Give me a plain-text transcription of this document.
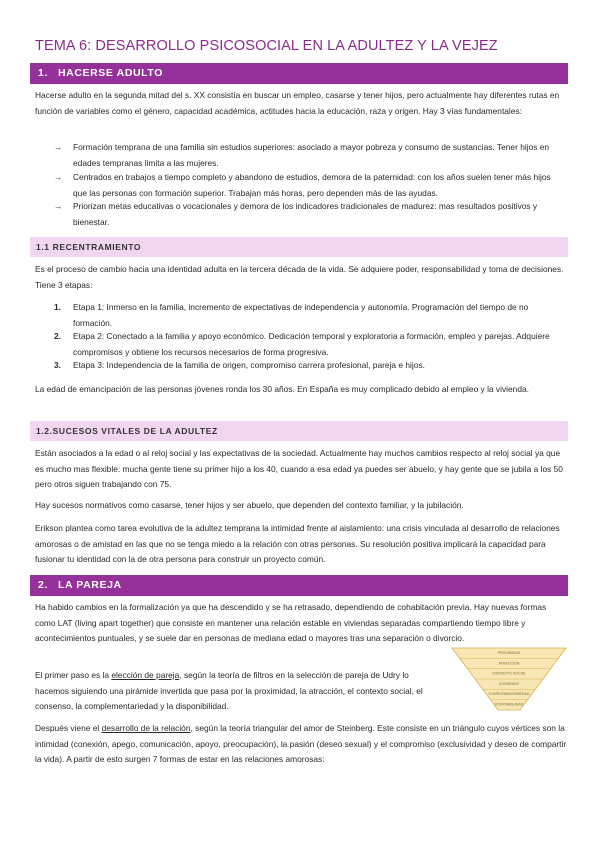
TEMA 6: DESARROLLO PSICOSOCIAL EN LA ADULTEZ Y LA VEJEZ
1. HACERSE ADULTO

Hacerse adulto en la segunda mitad del s. XX consistía en buscar un empleo, casarse y tener hijos, pero actualmente hay diferentes rutas en función de variables como el género, capacidad académica, actitudes hacia la educación, raza y origen. Hay 3 vías fundamentales:

→	Formación temprana de una familia sin estudios superiores: asociado a mayor pobreza y consumo de sustancias. Tener hijos en edades tempranas limita a las mujeres.
→	Centrados en trabajos a tiempo completo y abandono de estudios, demora de la paternidad: con los años suelen tener más hijos que las personas con formación superior. Trabajan más horas, pero dependen más de las ayudas.
→	Priorizan metas educativas o vocacionales y demora de los indicadores tradicionales de madurez: mas resultados positivos y bienestar.
1.1 RECENTRAMIENTO

Es el proceso de cambio hacia una identidad adulta en la tercera década de la vida. Se adquiere poder, responsabilidad y toma de decisiones. Tiene 3 etapas:

1.	Etapa 1: Inmerso en la familia, incremento de expectativas de independencia y autonomía. Programación del tiempo de no formación.
2.	Etapa 2: Conectado a la familia y apoyo económico. Dedicación temporal y exploratoria a formación, empleo y parejas. Adquiere compromisos y obtiene los recursos necesarios de forma progresiva.
3.	Etapa 3: Independencia de la familia de origen, compromiso carrera profesional, pareja e hijos.

La edad de emancipación de las personas jóvenes ronda los 30 años. En España es muy complicado debido al empleo y la vivienda.

1.2.SUCESOS VITALES DE LA ADULTEZ

Están asociados a la edad o al reloj social y las expectativas de la sociedad. Actualmente hay muchos cambios respecto al reloj social ya que es mucho mas flexible: mucha gente tiene su primer hijo a los 40, cuando a esa edad ya puedes ser abuelo, y hay gente que se jubila a los 50 pero otros siguen trabajando con 75.

Hay sucesos normativos como casarse, tener hijos y ser abuelo, que dependen del contexto familiar, y la jubilación.

Erikson plantea como tarea evolutiva de la adultez temprana la intimidad frente al aislamiento: una crisis vinculada al desarrollo de relaciones amorosas o de amistad en las que no se tenga miedo a la relación con otras personas. Su resolución positiva implicará la capacidad para fusionar tu identidad con la de otra persona para construir un proyecto común.

2. LA PAREJA

Ha habido cambios en la formalización ya que ha descendido y se ha retrasado, dependiendo de cohabitación previa. Hay nuevas formas como LAT (living apart together) que consiste en mantener una relación estable en viviendas separadas compartiendo tiempo libre y acontecimientos puntuales, y se suele dar en personas de mediana edad o mayores tras una separación o divorcio.

El primer paso es la elección de pareja, según la teoría de filtros en la selección de pareja de Udry lo hacemos siguiendo una pirámide invertida que pasa por la proximidad, la atracción, el contexto social, el consenso, la complementariedad y la disponibilidad.

PROXIMIDAD
ATRACCIÓN
CONTEXTO SOCIAL
CONSENSO
COMPLEMENTARIEDAD
DISPONIBILIDAD

Después viene el desarrollo de la relación, según la teoría triangular del amor de Steinberg. Este consiste en un triángulo cuyos vértices son la intimidad (conexión, apego, comunicación, apoyo, preocupación), la pasión (deseo sexual) y el compromiso (exclusividad y deseo de compartir la vida). A partir de esto surgen 7 formas de estar en las relaciones amorosas:
